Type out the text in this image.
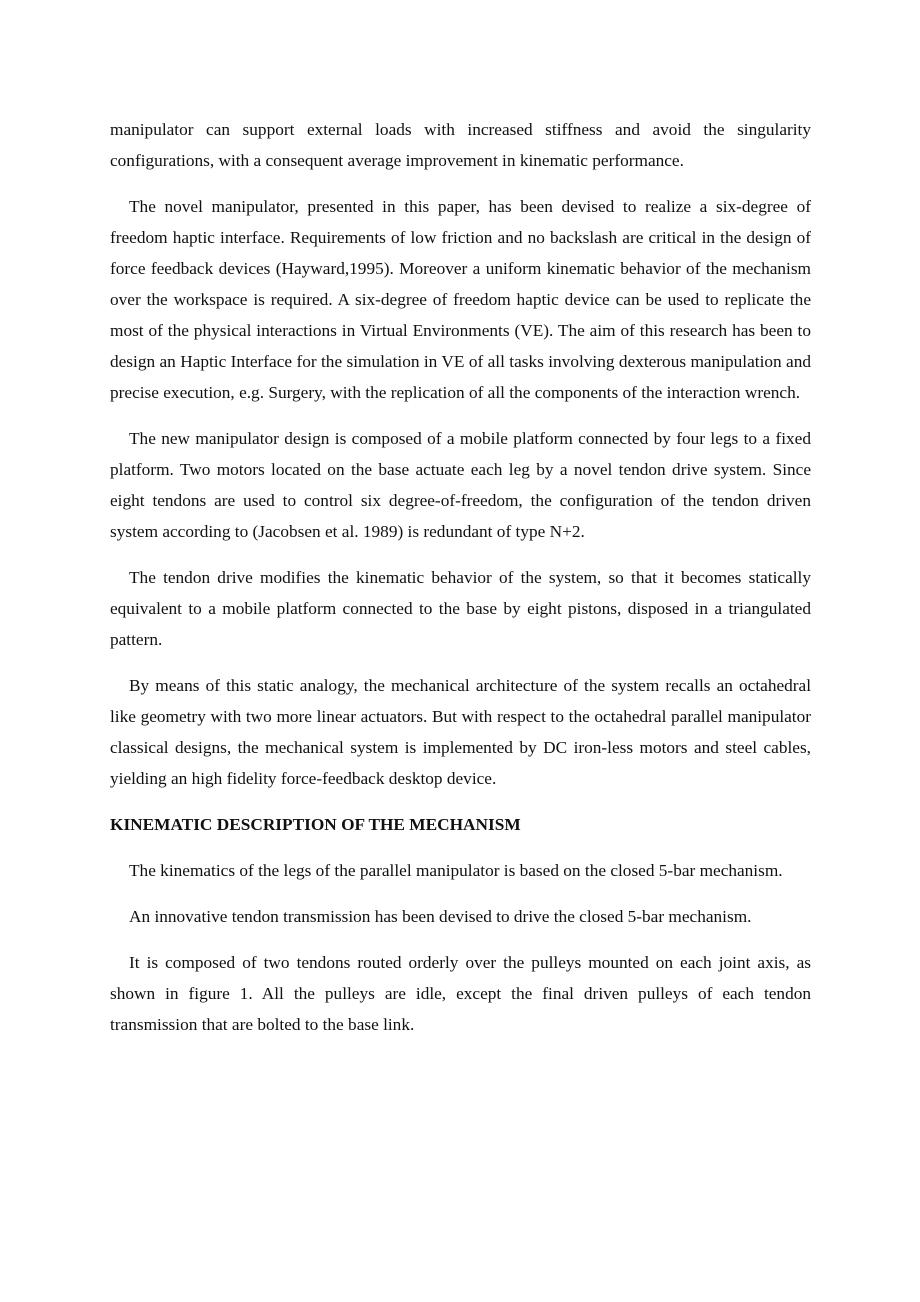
manipulator can support external loads with increased stiffness and avoid the singularity configurations, with a consequent average improvement in kinematic performance.

The novel manipulator, presented in this paper, has been devised to realize a six-degree of freedom haptic interface. Requirements of low friction and no backslash are critical in the design of force feedback devices (Hayward,1995). Moreover a uniform kinematic behavior of the mechanism over the workspace is required. A six-degree of freedom haptic device can be used to replicate the most of the physical interactions in Virtual Environments (VE). The aim of this research has been to design an Haptic Interface for the simulation in VE of all tasks involving dexterous manipulation and precise execution, e.g. Surgery, with the replication of all the components of the interaction wrench.

The new manipulator design is composed of a mobile platform connected by four legs to a fixed platform. Two motors located on the base actuate each leg by a novel tendon drive system. Since eight tendons are used to control six degree-of-freedom, the configuration of the tendon driven system according to (Jacobsen et al. 1989) is redundant of type N+2.

The tendon drive modifies the kinematic behavior of the system, so that it becomes statically equivalent to a mobile platform connected to the base by eight pistons, disposed in a triangulated pattern.

By means of this static analogy, the mechanical architecture of the system recalls an octahedral like geometry with two more linear actuators. But with respect to the octahedral parallel manipulator classical designs, the mechanical system is implemented by DC iron-less motors and steel cables, yielding an high fidelity force-feedback desktop device.

KINEMATIC DESCRIPTION OF THE MECHANISM

The kinematics of the legs of the parallel manipulator is based on the closed 5-bar mechanism.

An innovative tendon transmission has been devised to drive the closed 5-bar mechanism.

It is composed of two tendons routed orderly over the pulleys mounted on each joint axis, as shown in figure 1. All the pulleys are idle, except the final driven pulleys of each tendon transmission that are bolted to the base link.
